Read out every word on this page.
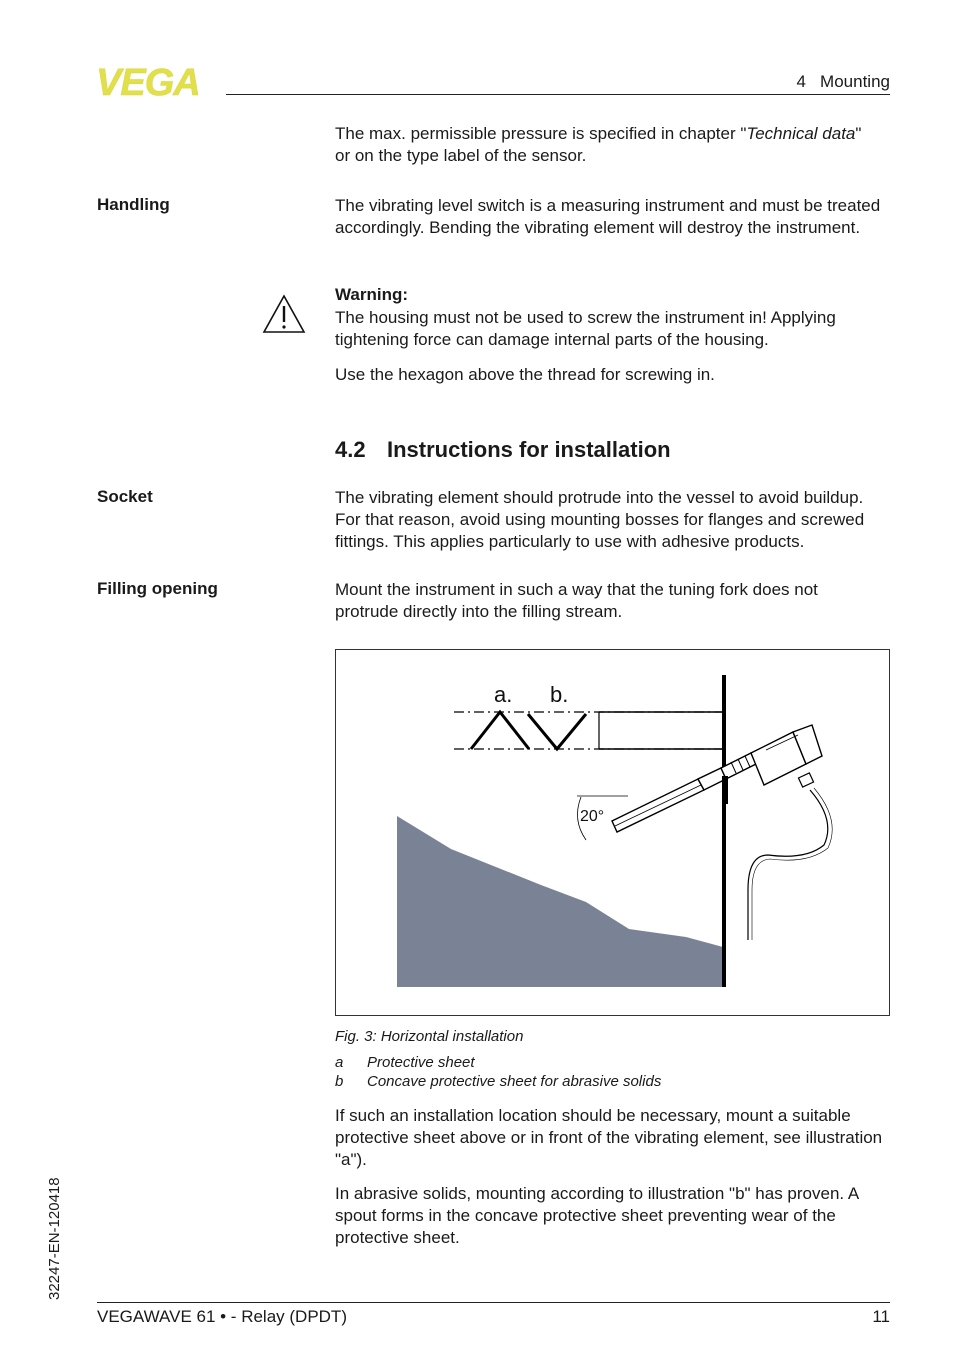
VEGA	4   Mounting
The max. permissible pressure is specified in chapter "Technical data"
or on the type label of the sensor.
Handling	The vibrating level switch is a measuring instrument and must be treated accordingly. Bending the vibrating element will destroy the instrument.
Warning:
The housing must not be used to screw the instrument in! Applying tightening force can damage internal parts of the housing.
Use the hexagon above the thread for screwing in.
4.2 Instructions for installation
Socket	The vibrating element should protrude into the vessel to avoid buildup. For that reason, avoid using mounting bosses for flanges and screwed fittings. This applies particularly to use with adhesive products.
Filling opening	Mount the instrument in such a way that the tuning fork does not protrude directly into the filling stream.
20°
a. b.
Fig. 3: Horizontal installation
a Protective sheet
b Concave protective sheet for abrasive solids
If such an installation location should be necessary, mount a suitable protective sheet above or in front of the vibrating element, see illustration "a").
In abrasive solids, mounting according to illustration "b" has proven. A spout forms in the concave protective sheet preventing wear of the protective sheet.
32247-EN-120418
VEGAWAVE 61 • - Relay (DPDT)	11
